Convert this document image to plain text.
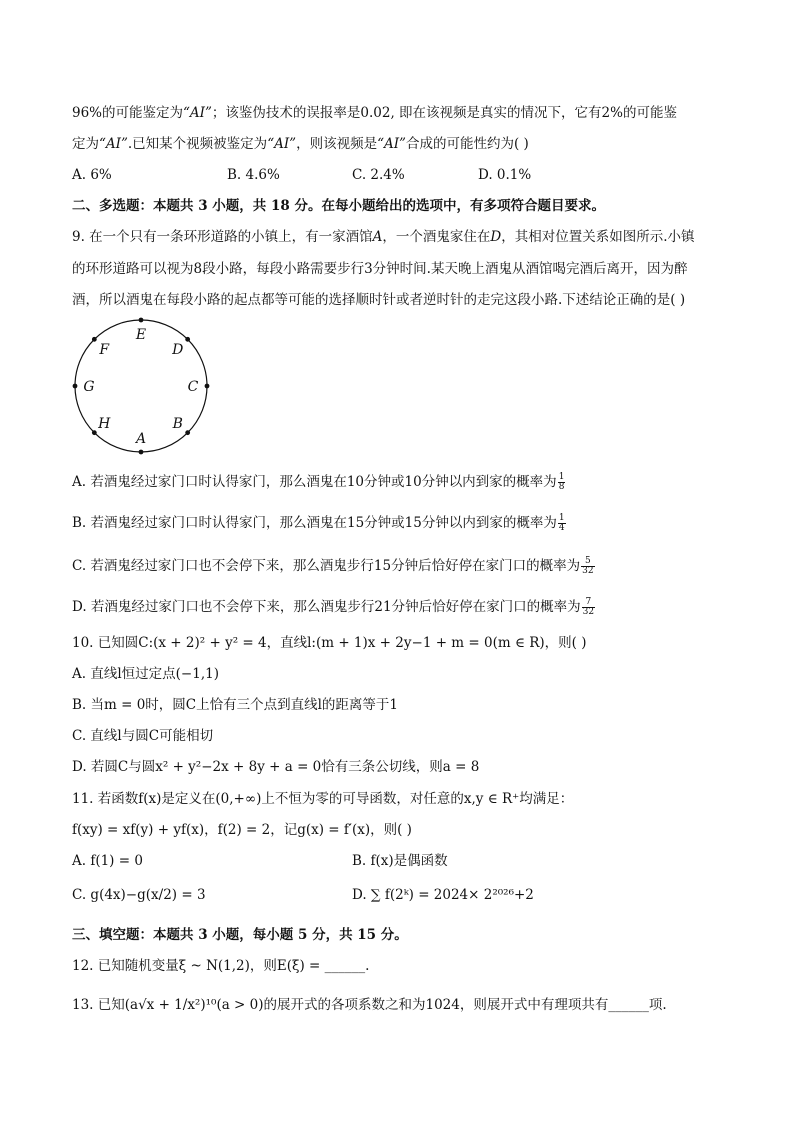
96%的可能鉴定为“AI”；该鉴伪技术的误报率是0.02, 即在该视频是真实的情况下，它有2%的可能鉴
定为“AI”.已知某个视频被鉴定为“AI”，则该视频是“AI”合成的可能性约为( )
A. 6%	B. 4.6%	C. 2.4%	D. 0.1%
二、多选题：本题共 3 小题，共 18 分。在每小题给出的选项中，有多项符合题目要求。
9. 在一个只有一条环形道路的小镇上，有一家酒馆A，一个酒鬼家住在D，其相对位置关系如图所示.小镇
的环形道路可以视为8段小路，每段小路需要步行3分钟时间.某天晚上酒鬼从酒馆喝完酒后离开，因为醉
酒，所以酒鬼在每段小路的起点都等可能的选择顺时针或者逆时针的走完这段小路.下述结论正确的是( )
E
D
C
B
A
H
G
F
A. 若酒鬼经过家门口时认得家门，那么酒鬼在10分钟或10分钟以内到家的概率为 $\frac{1}{8}$
B. 若酒鬼经过家门口时认得家门，那么酒鬼在15分钟或15分钟以内到家的概率为 $\frac{1}{4}$
C. 若酒鬼经过家门口也不会停下来，那么酒鬼步行15分钟后恰好停在家门口的概率为 $\frac{5}{32}$
D. 若酒鬼经过家门口也不会停下来，那么酒鬼步行21分钟后恰好停在家门口的概率为 $\frac{7}{32}$
10. 已知圆C:(x + 2)² + y² = 4，直线l:(m + 1)x + 2y−1 + m = 0(m ∈ R)，则( )
A. 直线l恒过定点(−1,1)
B. 当m = 0时，圆C上恰有三个点到直线l的距离等于1
C. 直线l与圆C可能相切
D. 若圆C与圆x² + y²−2x + 8y + a = 0恰有三条公切线，则a = 8
11. 若函数f(x)是定义在(0,+∞)上不恒为零的可导函数，对任意的x,y ∈ R⁺均满足：
f(xy) = xf(y) + yf(x)，f(2) = 2，记g(x) = f′(x)，则( )
A. f(1) = 0	B. f(x)是偶函数
C. g(4x)−g(x/2) = 3	D. ∑ f(2ᵏ) = 2024× 2²⁰²⁶+2
三、填空题：本题共 3 小题，每小题 5 分，共 15 分。
12. 已知随机变量ξ ~ N(1,2)，则E(ξ) = ______.
13. 已知(a√x + 1/x²)¹⁰(a > 0)的展开式的各项系数之和为1024，则展开式中有理项共有______项.
